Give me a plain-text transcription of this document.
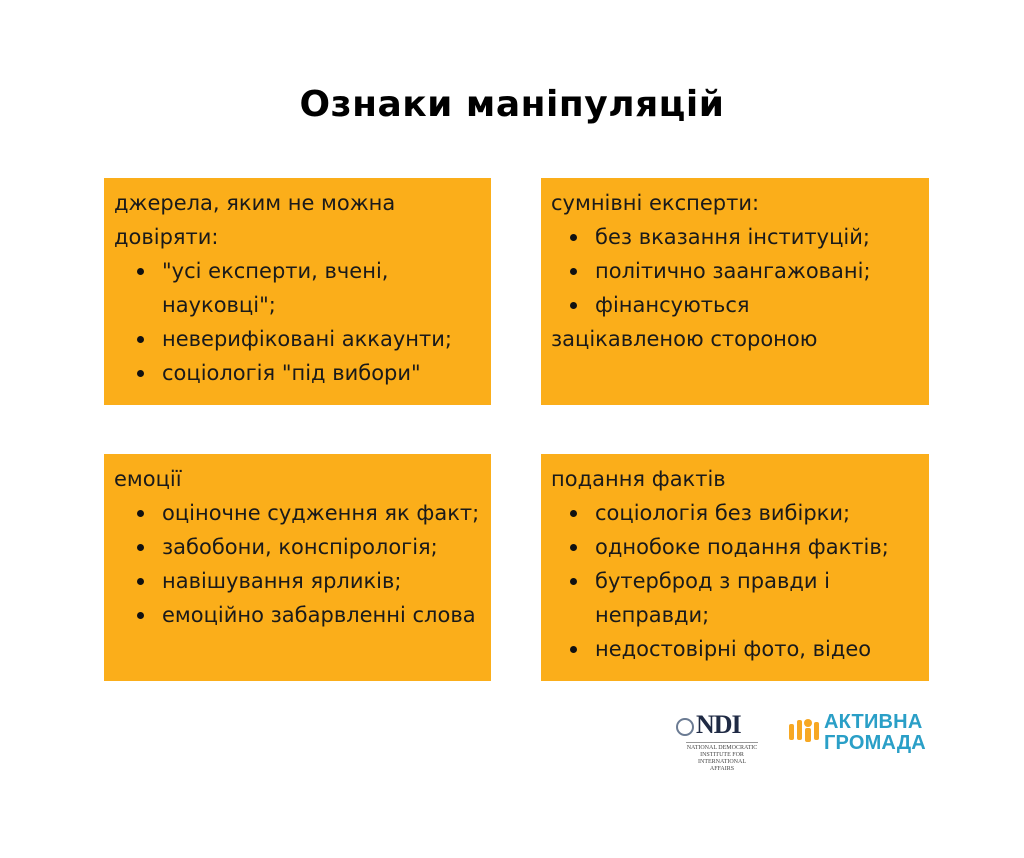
Ознаки маніпуляцій
джерела, яким не можна довіряти:
"усі експерти, вчені, науковці";
неверифіковані аккаунти;
соціологія "під вибори"
сумнівні експерти:
без вказання інституцій;
політично заангажовані;
фінансуються
зацікавленою стороною
емоції
оціночне судження як факт;
забобони, конспірологія;
навішування ярликів;
емоційно забарвленні слова
подання фактів
соціологія без вибірки;
однобоке подання фактів;
бутерброд з правди і неправди;
недостовірні фото, відео
NDI
NATIONAL DEMOCRATIC INSTITUTE FOR INTERNATIONAL AFFAIRS
АКТИВНА
ГРОМАДА
